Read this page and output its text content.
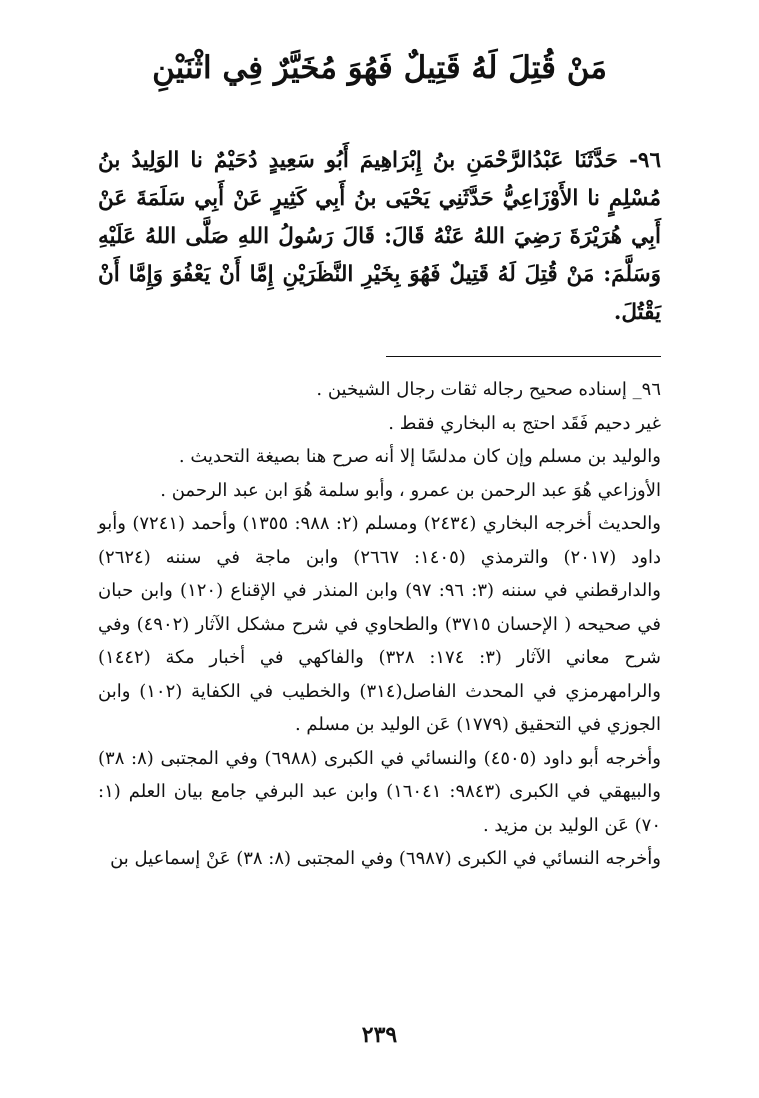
مَنْ قُتِلَ لَهُ قَتِيلٌ فَهُوَ مُخَيَّرٌ فِي اثْنَيْنِ

٩٦- حَدَّثَنَا عَبْدُالرَّحْمَنِ بنُ إِبْرَاهِيمَ أَبُو سَعِيدٍ دُحَيْمٌ نا الوَلِيدُ بنُ مُسْلِمٍ نا الأَوْزَاعِيُّ حَدَّثَنِي يَحْيَى بنُ أَبِي كَثِيرٍ عَنْ أَبِي سَلَمَةَ عَنْ أَبِي هُرَيْرَةَ رَضِيَ اللهُ عَنْهُ قَالَ: قَالَ رَسُولُ اللهِ صَلَّى اللهُ عَلَيْهِ وَسَلَّمَ: مَنْ قُتِلَ لَهُ قَتِيلٌ فَهُوَ بِخَيْرِ النَّظَرَيْنِ إِمَّا أَنْ يَعْفُوَ وَإِمَّا أَنْ يَقْتُلَ.

٩٦_ إسناده صحيح رجاله ثقات رجال الشيخين .

غير دحيم فَقَد احتج به البخاري فقط .

والوليد بن مسلم وإن كان مدلسًا إلا أنه صرح هنا بصيغة التحديث .

الأوزاعي هُوَ عبد الرحمن بن عمرو ، وأبو سلمة هُوَ ابن عبد الرحمن .

والحديث أخرجه البخاري (٢٤٣٤) ومسلم (٢: ٩٨٨: ١٣٥٥) وأحمد (٧٢٤١) وأبو داود (٢٠١٧) والترمذي (١٤٠٥: ٢٦٦٧) وابن ماجة في سننه (٢٦٢٤) والدارقطني في سننه (٣: ٩٦: ٩٧) وابن المنذر في الإقناع (١٢٠) وابن حبان في صحيحه ( الإحسان ٣٧١٥) والطحاوي في شرح مشكل الآثار (٤٩٠٢) وفي شرح معاني الآثار (٣: ١٧٤: ٣٢٨) والفاكهي في أخبار مكة (١٤٤٢) والرامهرمزي في المحدث الفاصل(٣١٤) والخطيب في الكفاية (١٠٢) وابن الجوزي في التحقيق (١٧٧٩) عَن الوليد بن مسلم .

وأخرجه أبو داود (٤٥٠٥) والنسائي في الكبرى (٦٩٨٨) وفي المجتبى (٨: ٣٨) والبيهقي في الكبرى (٩٨٤٣: ١٦٠٤١) وابن عبد البرفي جامع بيان العلم (١: ٧٠) عَن الوليد بن مزيد .

وأخرجه النسائي في الكبرى (٦٩٨٧) وفي المجتبى (٨: ٣٨) عَنْ إسماعيل بن

٢٣٩
